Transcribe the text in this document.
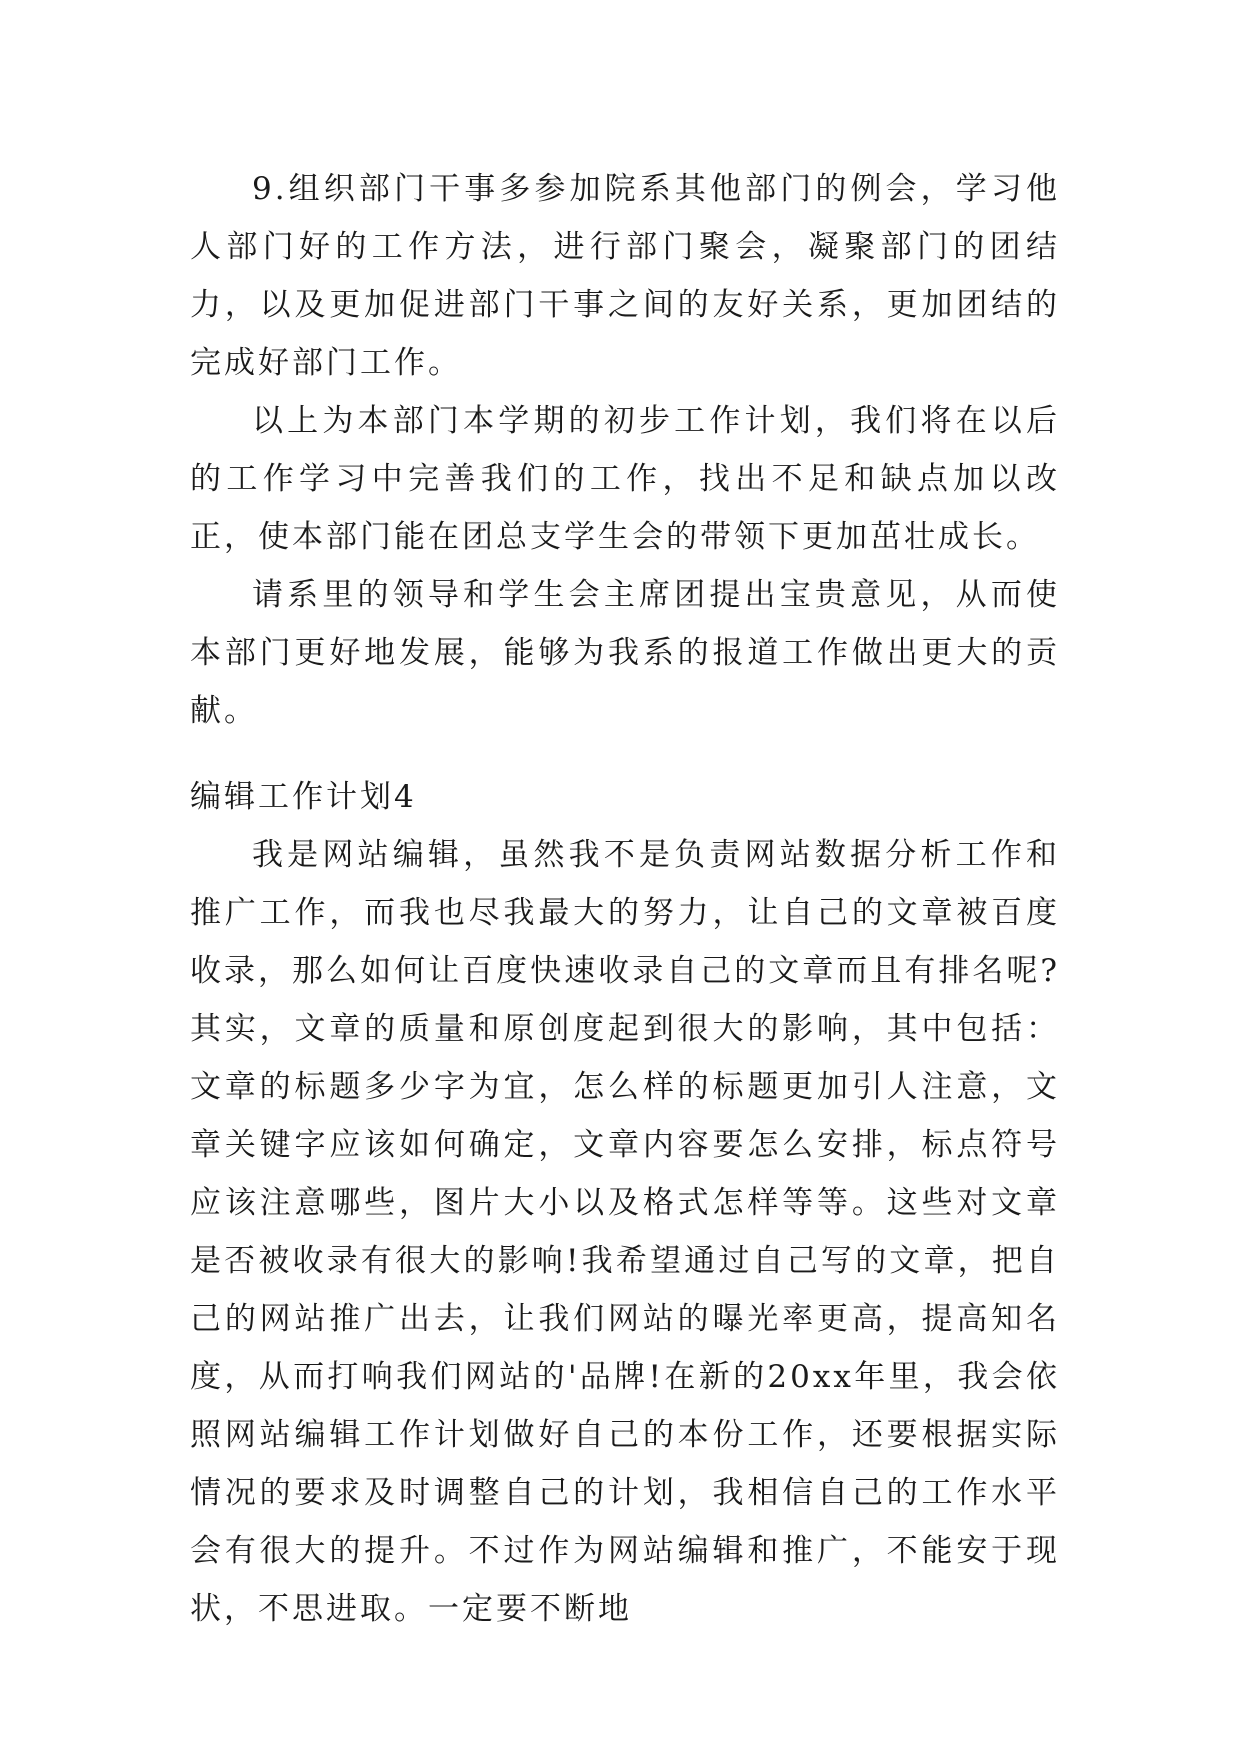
9.组织部门干事多参加院系其他部门的例会，学习他人部门好的工作方法，进行部门聚会，凝聚部门的团结力，以及更加促进部门干事之间的友好关系，更加团结的完成好部门工作。

以上为本部门本学期的初步工作计划，我们将在以后的工作学习中完善我们的工作，找出不足和缺点加以改正，使本部门能在团总支学生会的带领下更加茁壮成长。

请系里的领导和学生会主席团提出宝贵意见，从而使本部门更好地发展，能够为我系的报道工作做出更大的贡献。

编辑工作计划4

我是网站编辑，虽然我不是负责网站数据分析工作和推广工作，而我也尽我最大的努力，让自己的文章被百度收录，那么如何让百度快速收录自己的文章而且有排名呢?其实，文章的质量和原创度起到很大的影响，其中包括：文章的标题多少字为宜，怎么样的标题更加引人注意，文章关键字应该如何确定，文章内容要怎么安排，标点符号应该注意哪些，图片大小以及格式怎样等等。这些对文章是否被收录有很大的影响!我希望通过自己写的文章，把自己的网站推广出去，让我们网站的曝光率更高，提高知名度，从而打响我们网站的'品牌!在新的20xx年里，我会依照网站编辑工作计划做好自己的本份工作，还要根据实际情况的要求及时调整自己的计划，我相信自己的工作水平会有很大的提升。不过作为网站编辑和推广，不能安于现状，不思进取。一定要不断地
